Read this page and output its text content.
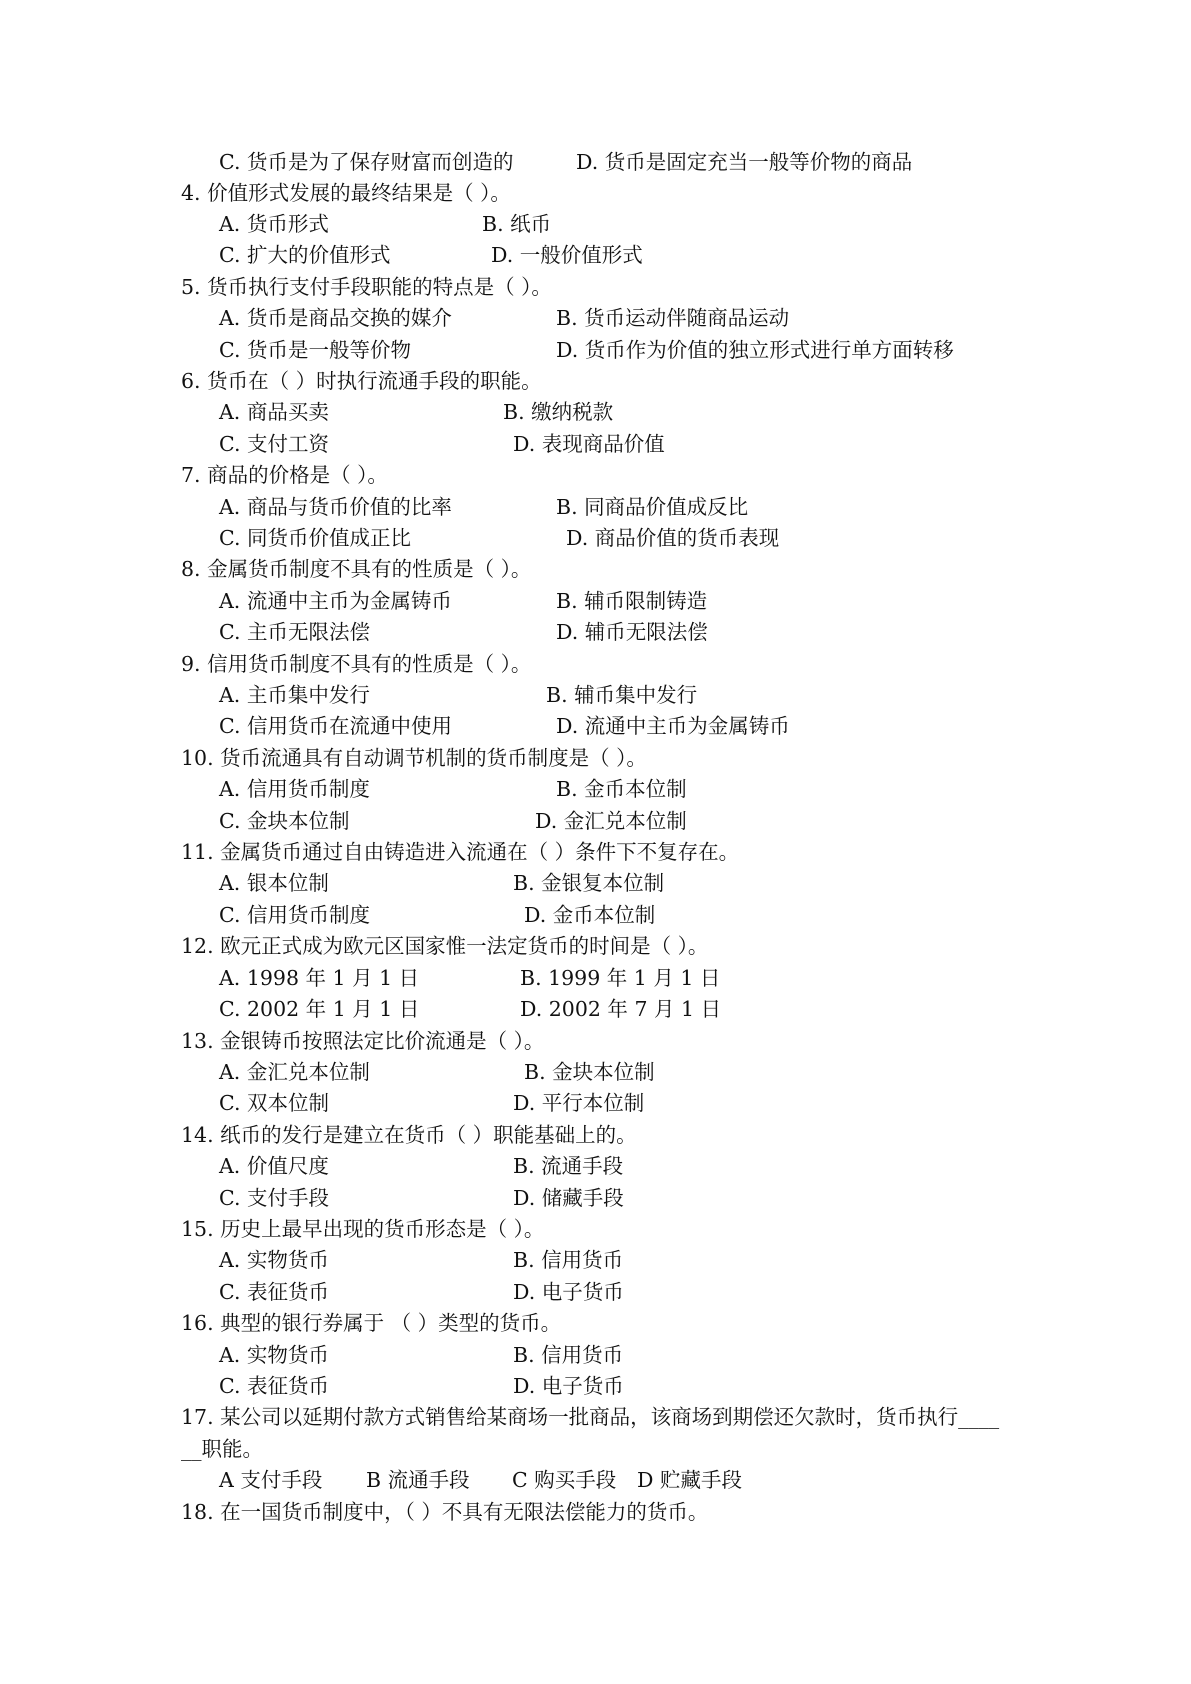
C. 货币是为了保存财富而创造的	D. 货币是固定充当一般等价物的商品
4. 价值形式发展的最终结果是（ ）。
A. 货币形式	B. 纸币
C. 扩大的价值形式	D. 一般价值形式
5. 货币执行支付手段职能的特点是（ ）。
A. 货币是商品交换的媒介	B. 货币运动伴随商品运动
C. 货币是一般等价物	D. 货币作为价值的独立形式进行单方面转移
6. 货币在（ ）时执行流通手段的职能。
A. 商品买卖	B. 缴纳税款
C. 支付工资	D. 表现商品价值
7. 商品的价格是（ ）。
A. 商品与货币价值的比率	B. 同商品价值成反比
C. 同货币价值成正比	D. 商品价值的货币表现
8. 金属货币制度不具有的性质是（ ）。
A. 流通中主币为金属铸币	B. 辅币限制铸造
C. 主币无限法偿	D. 辅币无限法偿
9. 信用货币制度不具有的性质是（ ）。
A. 主币集中发行	B. 辅币集中发行
C. 信用货币在流通中使用	D. 流通中主币为金属铸币
10. 货币流通具有自动调节机制的货币制度是（ ）。
A. 信用货币制度	B. 金币本位制
C. 金块本位制	D. 金汇兑本位制
11. 金属货币通过自由铸造进入流通在（ ）条件下不复存在。
A. 银本位制	B. 金银复本位制
C. 信用货币制度	D. 金币本位制
12. 欧元正式成为欧元区国家惟一法定货币的时间是（ ）。
A. 1998 年 1 月 1 日	B. 1999 年 1 月 1 日
C. 2002 年 1 月 1 日	D. 2002 年 7 月 1 日
13. 金银铸币按照法定比价流通是（ ）。
A. 金汇兑本位制	B. 金块本位制
C. 双本位制	D. 平行本位制
14. 纸币的发行是建立在货币（ ）职能基础上的。
A. 价值尺度	B. 流通手段
C. 支付手段	D. 储藏手段
15. 历史上最早出现的货币形态是（ ）。
A. 实物货币	B. 信用货币
C. 表征货币	D. 电子货币
16. 典型的银行券属于 （ ）类型的货币。
A. 实物货币	B. 信用货币
C. 表征货币	D. 电子货币
17. 某公司以延期付款方式销售给某商场一批商品，该商场到期偿还欠款时，货币执行____
__职能。
A 支付手段 B 流通手段 C 购买手段 D 贮藏手段
18. 在一国货币制度中，（ ）不具有无限法偿能力的货币。
